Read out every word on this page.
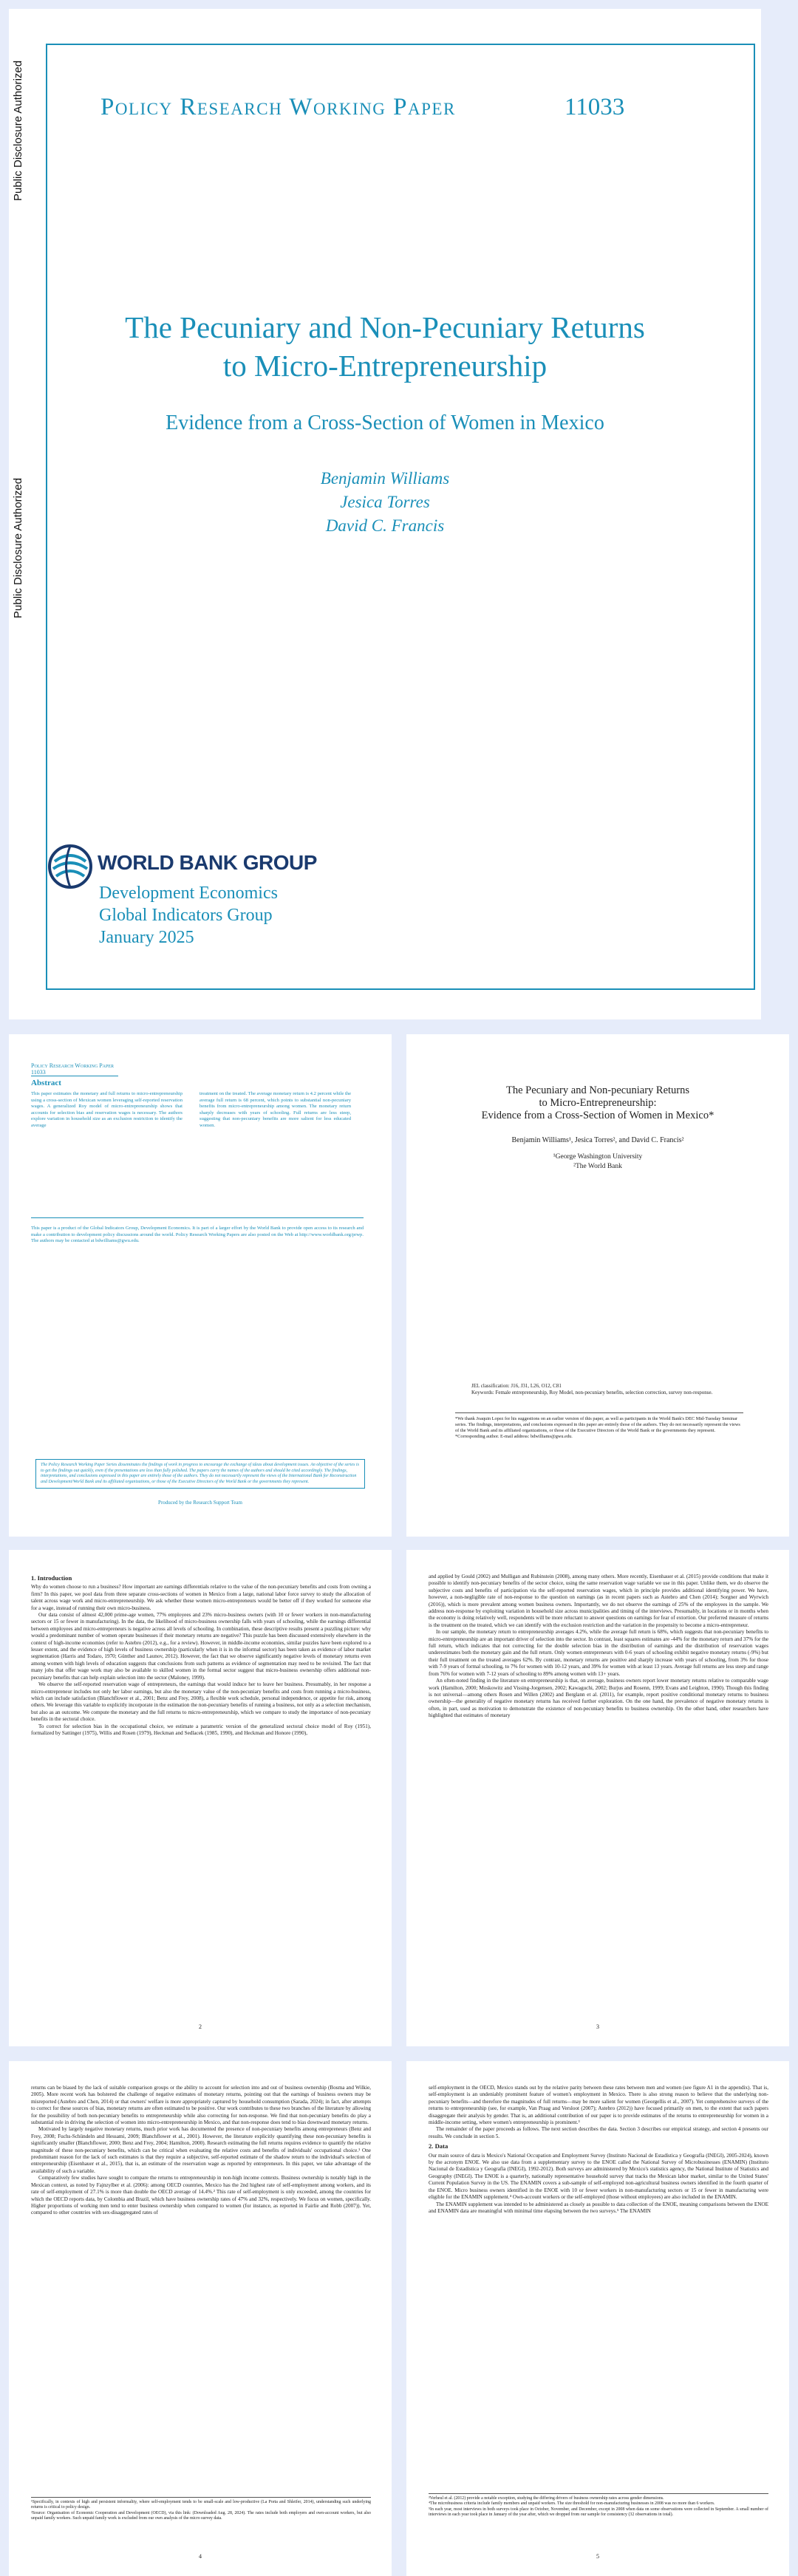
Public Disclosure Authorized
Public Disclosure Authorized
Policy Research Working Paper	11033
The Pecuniary and Non-Pecuniary Returns
to Micro-Entrepreneurship
Evidence from a Cross-Section of Women in Mexico
Benjamin Williams
Jesica Torres
David C. Francis
WORLD BANK GROUP
Development Economics
Global Indicators Group
January 2025
Policy Research Working Paper 11033
Abstract
This paper estimates the monetary and full returns to micro-entrepreneurship using a cross-section of Mexican women leveraging self-reported reservation wages. A generalized Roy model of micro-entrepreneurship shows that accounts for selection bias and reservation wages is necessary. The authors explore variation in household size as an exclusion restriction to identify the average
treatment on the treated. The average monetary return is 4.2 percent while the average full return is 68 percent, which points to substantial non-pecuniary benefits from micro-entrepreneurship among women. The monetary return sharply decreases with years of schooling. Full returns are less steep, suggesting that non-pecuniary benefits are more salient for less educated women.
This paper is a product of the Global Indicators Group, Development Economics. It is part of a larger effort by the World Bank to provide open access to its research and make a contribution to development policy discussions around the world. Policy Research Working Papers are also posted on the Web at http://www.worldbank.org/prwp. The authors may be contacted at bdwilliams@gwu.edu.
The Policy Research Working Paper Series disseminates the findings of work in progress to encourage the exchange of ideas about development issues. An objective of the series is to get the findings out quickly, even if the presentations are less than fully polished. The papers carry the names of the authors and should be cited accordingly. The findings, interpretations, and conclusions expressed in this paper are entirely those of the authors. They do not necessarily represent the views of the International Bank for Reconstruction and Development/World Bank and its affiliated organizations, or those of the Executive Directors of the World Bank or the governments they represent.
Produced by the Research Support Team
The Pecuniary and Non-pecuniary Returns
to Micro-Entrepreneurship:
Evidence from a Cross-Section of Women in Mexico*
Benjamin Williams¹, Jesica Torres², and David C. Francis²
¹George Washington University
²The World Bank
JEL classification: J16, J31, L26, O12, C81
Keywords: Female entrepreneurship, Roy Model, non-pecuniary benefits, selection correction, survey non-response.
*We thank Joaquin Lopez for his suggestions on an earlier version of this paper, as well as participants in the World Bank's DEC Mid-Tuesday Seminar series. The findings, interpretations, and conclusions expressed in this paper are entirely those of the authors. They do not necessarily represent the views of the World Bank and its affiliated organizations, or those of the Executive Directors of the World Bank or the governments they represent.
*Corresponding author. E-mail address: bdwilliams@gwu.edu.
1. Introduction

Why do women choose to run a business? How important are earnings differentials relative to the value of the non-pecuniary benefits and costs from owning a firm? In this paper, we pool data from three separate cross-sections of women in Mexico from a large, national labor force survey to study the allocation of talent across wage work and micro-entrepreneurship. We ask whether these women micro-entrepreneurs would be better off if they worked for someone else for a wage, instead of running their own micro-business.

Our data consist of almost 42,000 prime-age women, 77% employees and 23% micro-business owners (with 10 or fewer workers in non-manufacturing sectors or 15 or fewer in manufacturing). In the data, the likelihood of micro-business ownership falls with years of schooling, while the earnings differential between employees and micro-entrepreneurs is negative across all levels of schooling. In combination, these descriptive results present a puzzling picture: why would a predominant number of women operate businesses if their monetary returns are negative? This puzzle has been discussed extensively elsewhere in the context of high-income economies (refer to Astebro (2012), e.g., for a review). However, in middle-income economies, similar puzzles have been explored to a lesser extent, and the evidence of high levels of business ownership (particularly when it is in the informal sector) has been taken as evidence of labor market segmentation (Harris and Todaro, 1970; Günther and Launov, 2012). However, the fact that we observe significantly negative levels of monetary returns even among women with high levels of education suggests that conclusions from such patterns as evidence of segmentation may need to be revisited. The fact that many jobs that offer wage work may also be available to skilled women in the formal sector suggest that micro-business ownership offers additional non-pecuniary benefits that can help explain selection into the sector (Maloney, 1999).

We observe the self-reported reservation wage of entrepreneurs, the earnings that would induce her to leave her business. Presumably, in her response a micro-entrepreneur includes not only her labor earnings, but also the monetary value of the non-pecuniary benefits and costs from running a micro-business, which can include satisfaction (Blanchflower et al., 2001; Benz and Frey, 2008), a flexible work schedule, personal independence, or appetite for risk, among others. We leverage this variable to explicitly incorporate in the estimation the non-pecuniary benefits of running a business, not only as a selection mechanism, but also as an outcome. We compute the monetary and the full returns to micro-entrepreneurship, which we compare to study the importance of non-pecuniary benefits in the sectoral choice.

To correct for selection bias in the occupational choice, we estimate a parametric version of the generalized sectoral choice model of Roy (1951), formalized by Sattinger (1975), Willis and Rosen (1979), Heckman and Sedlacek (1985, 1990), and Heckman and Honore (1990),

2

and applied by Gould (2002) and Mulligan and Rubinstein (2008), among many others. More recently, Eisenhauer et al. (2015) provide conditions that make it possible to identify non-pecuniary benefits of the sector choice, using the same reservation wage variable we use in this paper. Unlike them, we do observe the subjective costs and benefits of participation via the self-reported reservation wages, which in principle provides additional identifying power. We have, however, a non-negligible rate of non-response to the question on earnings (as in recent papers such as Astebro and Chen (2014); Sorgner and Wyrwich (2016)), which is more prevalent among women business owners. Importantly, we do not observe the earnings of 25% of the employees in the sample. We address non-response by exploiting variation in household size across municipalities and timing of the interviews. Presumably, in locations or in months when the economy is doing relatively well, respondents will be more reluctant to answer questions on earnings for fear of extortion. Our preferred measure of returns is the treatment on the treated, which we can identify with the exclusion restriction and the variation in the propensity to become a micro-entrepreneur.

In our sample, the monetary return to entrepreneurship averages 4.2%, while the average full return is 68%, which suggests that non-pecuniary benefits to micro-entrepreneurship are an important driver of selection into the sector. In contrast, least squares estimates are -44% for the monetary return and 37% for the full return, which indicates that not correcting for the double selection bias in the distribution of earnings and the distribution of reservation wages underestimates both the monetary gain and the full return. Only women entrepreneurs with 0-6 years of schooling exhibit negative monetary returns (-9%) but their full treatment on the treated averages 62%. By contrast, monetary returns are positive and sharply increase with years of schooling, from 3% for those with 7-9 years of formal schooling, to 7% for women with 10-12 years, and 39% for women with at least 13 years. Average full returns are less steep and range from 76% for women with 7-12 years of schooling to 89% among women with 13+ years.

An often-noted finding in the literature on entrepreneurship is that, on average, business owners report lower monetary returns relative to comparable wage work (Hamilton, 2000; Moskowitz and Vissing-Jorgensen, 2002; Kawaguchi, 2002; Burjus and Rosenn, 1999; Evans and Leighton, 1990). Though this finding is not universal—among others Rosen and Willen (2002) and Berglann et al. (2011), for example, report positive conditional monetary returns to business ownership—the generality of negative monetary returns has received further exploration. On the one hand, the prevalence of negative monetary returns is often, in part, used as motivation to demonstrate the existence of non-pecuniary benefits to business ownership. On the other hand, other researchers have highlighted that estimates of monetary

3

returns can be biased by the lack of suitable comparison groups or the ability to account for selection into and out of business ownership (Bosma and Wilkie, 2005). More recent work has bolstered the challenge of negative estimates of monetary returns, pointing out that the earnings of business owners may be misreported (Astebro and Chen, 2014) or that owners' welfare is more appropriately captured by household consumption (Sarada, 2024); in fact, after attempts to correct for these sources of bias, monetary returns are often estimated to be positive. Our work contributes to these two branches of the literature by allowing for the possibility of both non-pecuniary benefits to entrepreneurship while also correcting for non-response. We find that non-pecuniary benefits do play a substantial role in driving the selection of women into micro-entrepreneurship in Mexico, and that non-response does tend to bias downward monetary returns.

Motivated by largely negative monetary returns, much prior work has documented the presence of non-pecuniary benefits among entrepreneurs (Benz and Frey, 2008; Fuchs-Schündeln and Hessami, 2009; Blanchflower et al., 2001). However, the literature explicitly quantifying these non-pecuniary benefits is significantly smaller (Blanchflower, 2000; Benz and Frey, 2004; Hamilton, 2000). Research estimating the full returns requires evidence to quantify the relative magnitude of these non-pecuniary benefits, which can be critical when evaluating the relative costs and benefits of individuals' occupational choice.¹ One predominant reason for the lack of such estimates is that they require a subjective, self-reported estimate of the shadow return to the individual's selection of entrepreneurship (Eisenhauer et al., 2015), that is, an estimate of the reservation wage as reported by entrepreneurs. In this paper, we take advantage of the availability of such a variable.

Comparatively few studies have sought to compare the returns to entrepreneurship in non-high income contexts. Business ownership is notably high in the Mexican context, as noted by Fajnzylber et al. (2006): among OECD countries, Mexico has the 2nd highest rate of self-employment among workers, and its rate of self-employment of 27.1% is more than double the OECD average of 14.4%.² This rate of self-employment is only exceeded, among the countries for which the OECD reports data, by Colombia and Brazil, which have business ownership rates of 47% and 32%, respectively. We focus on women, specifically. Higher proportions of working men tend to enter business ownership when compared to women (for instance, as reported in Fairlie and Robb (2007)). Yet, compared to other countries with sex-disaggregated rates of

¹Specifically, in contexts of high and persistent informality, where self-employment tends to be small-scale and low-productive (La Porta and Shleifer, 2014), understanding such underlying returns is critical to policy design.

²Source: Organisation of Economic Cooperation and Development (OECD), via this link: (Downloaded Aug. 28, 2024). The rates include both employers and own-account workers, but also unpaid family workers. Such unpaid family work is excluded from our own analysis of the micro survey data.

4

self-employment in the OECD, Mexico stands out by the relative parity between these rates between men and women (see figure A1 in the appendix). That is, self-employment is an undeniably prominent feature of women's employment in Mexico. There is also strong reason to believe that the underlying non-pecuniary benefits—and therefore the magnitudes of full returns—may be more salient for women (Georgellis et al., 2007). Yet comprehensive surveys of the returns to entrepreneurship (see, for example, Van Praag and Versloot (2007); Astebro (2012)) have focused primarily on men, to the extent that such papers disaggregate their analysis by gender. That is, an additional contribution of our paper is to provide estimates of the returns to entrepreneurship for women in a middle-income setting, where women's entrepreneurship is prominent.³

The remainder of the paper proceeds as follows. The next section describes the data. Section 3 describes our empirical strategy, and section 4 presents our results. We conclude in section 5.

2. Data

Our main source of data is Mexico's National Occupation and Employment Survey (Instituto Nacional de Estadística y Geografía (INEGI), 2005-2024), known by the acronym ENOE. We also use data from a supplementary survey to the ENOE called the National Survey of Microbusinesses (ENAMIN) (Instituto Nacional de Estadística y Geografía (INEGI), 1992-2012). Both surveys are administered by Mexico's statistics agency, the National Institute of Statistics and Geography (INEGI). The ENOE is a quarterly, nationally representative household survey that tracks the Mexican labor market, similar to the United States' Current Population Survey in the US. The ENAMIN covers a sub-sample of self-employed non-agricultural business owners identified in the fourth quarter of the ENOE. Micro business owners identified in the ENOE with 10 or fewer workers in non-manufacturing sectors or 15 or fewer in manufacturing were eligible for the ENAMIN supplement.⁴ Own-account workers or the self-employed (those without employees) are also included in the ENAMIN.

The ENAMIN supplement was intended to be administered as closely as possible to data collection of the ENOE, meaning comparisons between the ENOE and ENAMIN data are meaningful with minimal time elapsing between the two surveys.⁵ The ENAMIN

³Verheul et al. (2012) provide a notable exception, studying the differing drivers of business ownership rates across gender dimensions.

⁴The microbusiness criteria include family members and unpaid workers. The size threshold for non-manufacturing businesses in 2008 was no more than 6 workers.

⁵In each year, most interviews in both surveys took place in October, November, and December, except in 2008 when data on some observations were collected in September. A small number of interviews in each year took place in January of the year after, which we dropped from our sample for consistency (32 observations in total).

5
